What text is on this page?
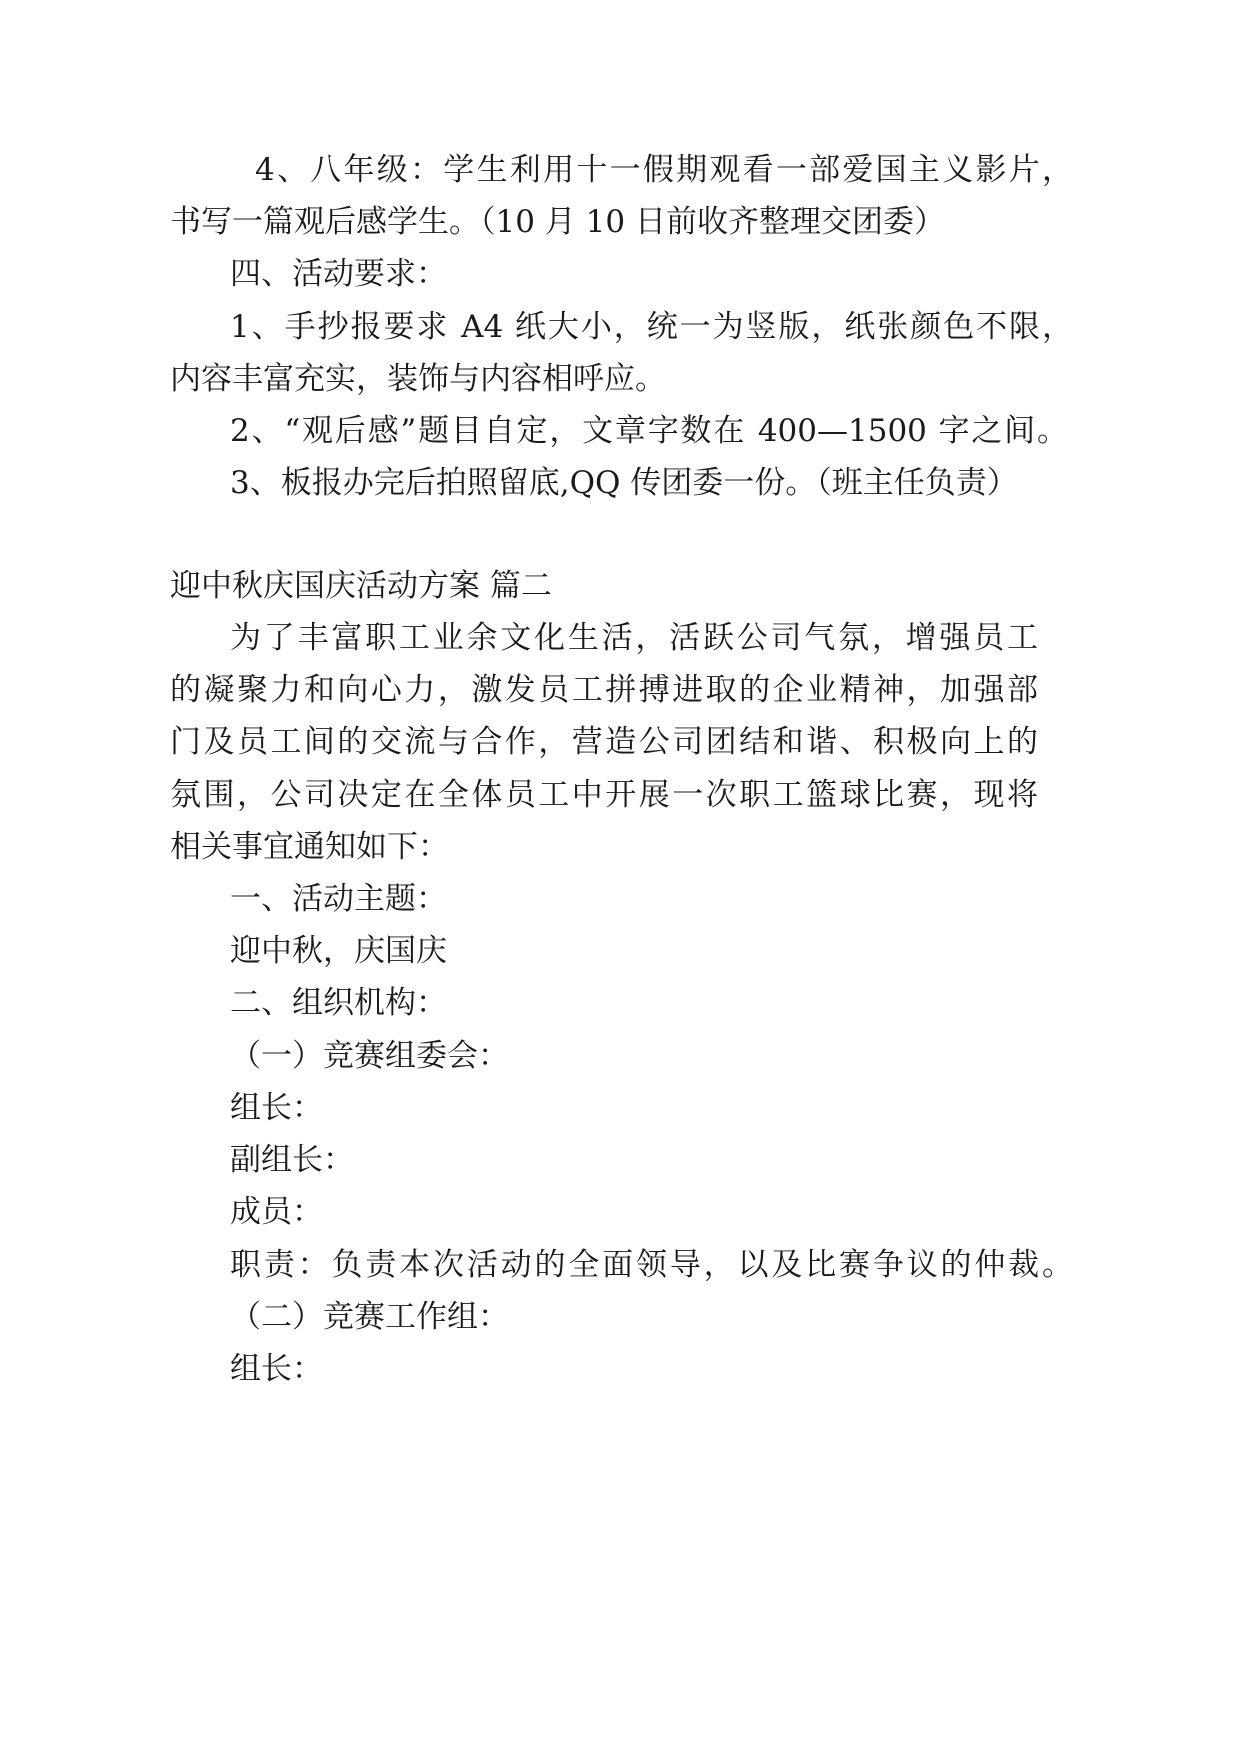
4、八年级：学生利用十一假期观看一部爱国主义影片，

书写一篇观后感学生。（10 月 10 日前收齐整理交团委）

四、活动要求：

1、手抄报要求 A4 纸大小，统一为竖版，纸张颜色不限，

内容丰富充实，装饰与内容相呼应。

2、“观后感”题目自定，文章字数在 400—1500 字之间。

3、板报办完后拍照留底,QQ 传团委一份。（班主任负责）

迎中秋庆国庆活动方案 篇二

为了丰富职工业余文化生活，活跃公司气氛，增强员工

的凝聚力和向心力，激发员工拼搏进取的企业精神，加强部

门及员工间的交流与合作，营造公司团结和谐、积极向上的

氛围，公司决定在全体员工中开展一次职工篮球比赛，现将

相关事宜通知如下：

一、活动主题：

迎中秋，庆国庆

二、组织机构：

（一）竞赛组委会：

组长：

副组长：

成员：

职责：负责本次活动的全面领导，以及比赛争议的仲裁。

（二）竞赛工作组：

组长：
